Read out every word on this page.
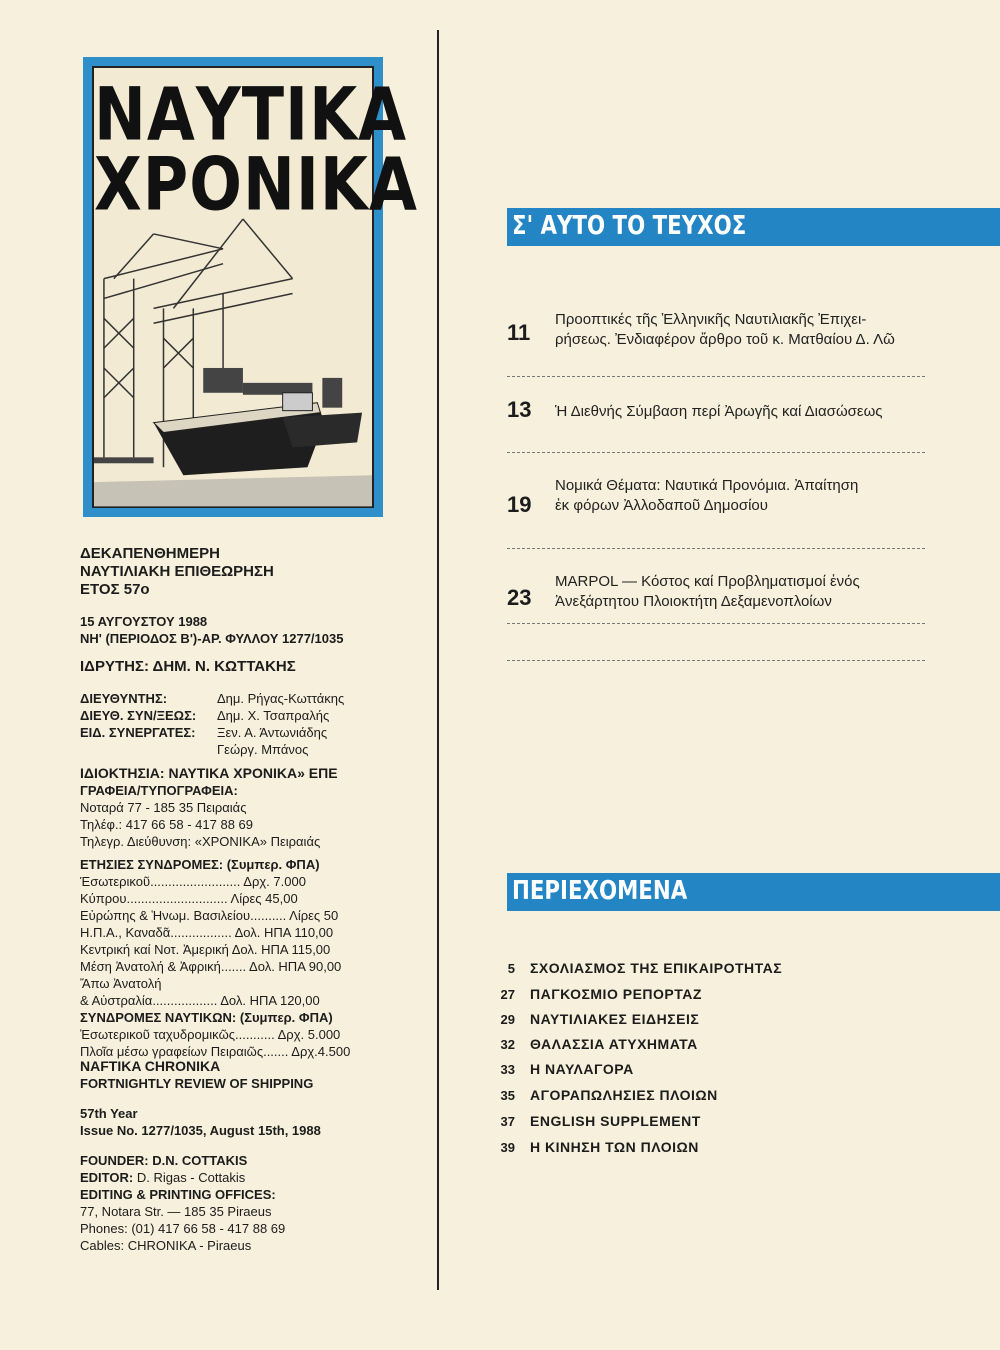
ΝΑΥΤΙΚΑ
ΧΡΟΝΙΚΑ
ΔΕΚΑΠΕΝΘΗΜΕΡΗ
ΝΑΥΤΙΛΙΑΚΗ ΕΠΙΘΕΩΡΗΣΗ
ΕΤΟΣ 57ο
15 ΑΥΓΟΥΣΤΟΥ 1988
ΝΗ' (ΠΕΡΙΟΔΟΣ Β')-ΑΡ. ΦΥΛΛΟΥ 1277/1035
ΙΔΡΥΤΗΣ: ΔΗΜ. Ν. ΚΩΤΤΑΚΗΣ
ΔΙΕΥΘΥΝΤΗΣ:	Δημ. Ρήγας-Κωττάκης
ΔΙΕΥΘ. ΣΥΝ/ΞΕΩΣ: Δημ. Χ. Τσαπραλής
ΕΙΔ. ΣΥΝΕΡΓΑΤΕΣ: Ξεν. Α. Άντωνιάδης
Γεώργ. Μπάνος
ΙΔΙΟΚΤΗΣΙΑ: ΝΑΥΤΙΚΑ ΧΡΟΝΙΚΑ» ΕΠΕ
ΓΡΑΦΕΙΑ/ΤΥΠΟΓΡΑΦΕΙΑ:
Νοταρά 77 - 185 35 Πειραιάς
Τηλέφ.: 417 66 58 - 417 88 69
Τηλεγρ. Διεύθυνση: «ΧΡΟΝΙΚΑ» Πειραιάς
ΕΤΗΣΙΕΣ ΣΥΝΔΡΟΜΕΣ: (Συμπερ. ΦΠΑ)
Έσωτερικοῦ......................... Δρχ. 7.000
Κύπρου............................ Λίρες 45,00
Εὐρώπης & Ἡνωμ. Βασιλείου.......... Λίρες 50
Η.Π.Α., Καναδᾶ................. Δολ. ΗΠΑ 110,00
Κεντρική καί Νοτ. Ἀμερική Δολ. ΗΠΑ 115,00
Μέση Ἀνατολή & Ἀφρική....... Δολ. ΗΠΑ 90,00
Ἄπω Ἀνατολή
& Αὐστραλία.................. Δολ. ΗΠΑ 120,00
ΣΥΝΔΡΟΜΕΣ ΝΑΥΤΙΚΩΝ: (Συμπερ. ΦΠΑ)
Ἐσωτερικοῦ ταχυδρομικῶς........... Δρχ. 5.000
Πλοῖα μέσω γραφείων Πειραιῶς....... Δρχ.4.500
NAFTIKA CHRONIKA
FORTNIGHTLY REVIEW OF SHIPPING
57th Year
Issue No. 1277/1035, August 15th, 1988
FOUNDER: D.N. COTTAKIS
EDITOR: D. Rigas - Cottakis
EDITING & PRINTING OFFICES:
77, Notara Str. — 185 35 Piraeus
Phones: (01) 417 66 58 - 417 88 69
Cables: CHRONIKA - Piraeus
Σ' ΑΥΤΟ ΤΟ ΤΕΥΧΟΣ
11
Προοπτικές τῆς Ἑλληνικῆς Ναυτιλιακῆς Ἐπιχει-
ρήσεως. Ἐνδιαφέρον ἄρθρο τοῦ κ. Ματθαίου Δ. Λῶ
13	Ἡ Διεθνής Σύμβαση περί Ἀρωγῆς καί Διασώσεως
19
Νομικά Θέματα: Ναυτικά Προνόμια. Ἀπαίτηση
ἐκ φόρων Ἀλλοδαποῦ Δημοσίου
23
MARPOL — Κόστος καί Προβληματισμοί ἑνός
Ἀνεξάρτητου Πλοιοκτήτη Δεξαμενοπλοίων
ΠΕΡΙΕΧΟΜΕΝΑ
5 ΣΧΟΛΙΑΣΜΟΣ ΤΗΣ ΕΠΙΚΑΙΡΟΤΗΤΑΣ
27 ΠΑΓΚΟΣΜΙΟ ΡΕΠΟΡΤΑΖ
29 ΝΑΥΤΙΛΙΑΚΕΣ ΕΙΔΗΣΕΙΣ
32 ΘΑΛΑΣΣΙΑ ΑΤΥΧΗΜΑΤΑ
33 Η ΝΑΥΛΑΓΟΡΑ
35 ΑΓΟΡΑΠΩΛΗΣΙΕΣ ΠΛΟΙΩΝ
37 ENGLISH SUPPLEMENT
39 Η ΚΙΝΗΣΗ ΤΩΝ ΠΛΟΙΩΝ
